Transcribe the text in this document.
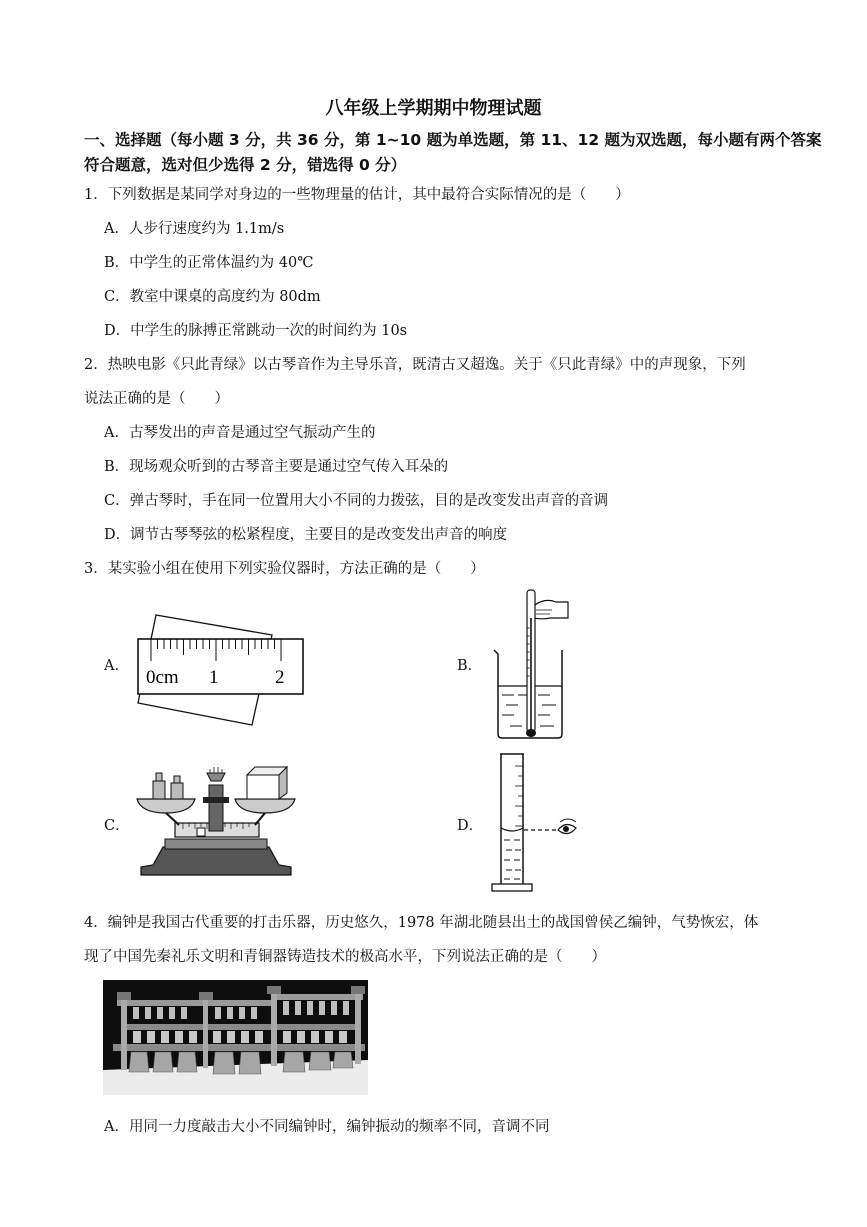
八年级上学期期中物理试题
一、选择题（每小题 3 分，共 36 分，第 1~10 题为单选题，第 11、12 题为双选题，每小题有两个答案符合题意，选对但少选得 2 分，错选得 0 分）
1．下列数据是某同学对身边的一些物理量的估计，其中最符合实际情况的是（　　）
A．人步行速度约为 1.1m/s
B．中学生的正常体温约为 40℃
C．教室中课桌的高度约为 80dm
D．中学生的脉搏正常跳动一次的时间约为 10s
2．热映电影《只此青绿》以古琴音作为主导乐音，既清古又超逸。关于《只此青绿》中的声现象，下列
说法正确的是（　　）
A．古琴发出的声音是通过空气振动产生的
B．现场观众听到的古琴音主要是通过空气传入耳朵的
C．弹古琴时，手在同一位置用大小不同的力拨弦，目的是改变发出声音的音调
D．调节古琴琴弦的松紧程度，主要目的是改变发出声音的响度
3．某实验小组在使用下列实验仪器时，方法正确的是（　　）
A．
0cm 1	2
B．
C．	D．
4．编钟是我国古代重要的打击乐器，历史悠久，1978 年湖北随县出土的战国曾侯乙编钟，气势恢宏，体
现了中国先秦礼乐文明和青铜器铸造技术的极高水平，下列说法正确的是（　　）
A．用同一力度敲击大小不同编钟时，编钟振动的频率不同，音调不同
